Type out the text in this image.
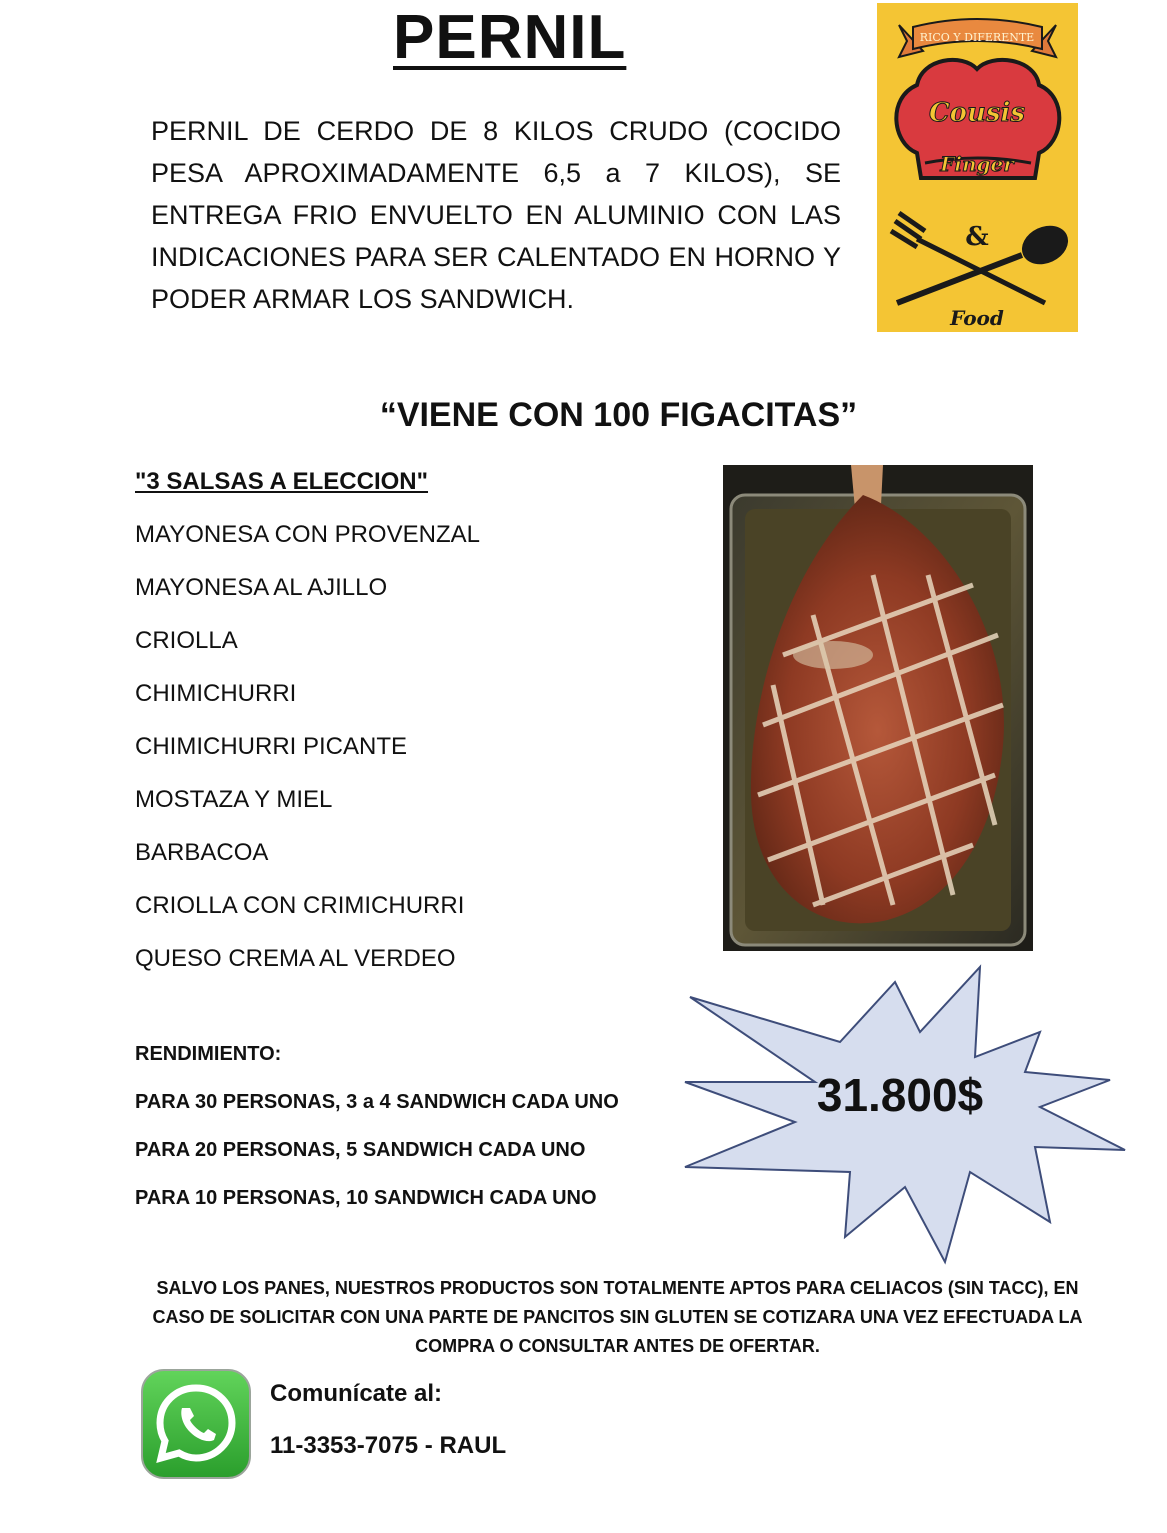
PERNIL

PERNIL DE CERDO DE 8 KILOS CRUDO (COCIDO PESA APROXIMADAMENTE 6,5 a 7 KILOS), SE ENTREGA FRIO ENVUELTO EN ALUMINIO CON LAS INDICACIONES PARA SER CALENTADO EN HORNO Y PODER ARMAR LOS SANDWICH.

RICO Y DIFERENTE
Cousis
Finger
&
Food
“VIENE CON 100 FIGACITAS”

"3 SALSAS A ELECCION"

MAYONESA CON PROVENZAL
MAYONESA AL AJILLO
CRIOLLA
CHIMICHURRI
CHIMICHURRI PICANTE
MOSTAZA Y MIEL
BARBACOA
CRIOLLA CON CRIMICHURRI
QUESO CREMA AL VERDEO
RENDIMIENTO:
PARA 30 PERSONAS, 3 a 4 SANDWICH CADA UNO
PARA 20 PERSONAS, 5 SANDWICH CADA UNO
PARA 10 PERSONAS, 10 SANDWICH CADA UNO

31.800$

SALVO LOS PANES, NUESTROS PRODUCTOS SON TOTALMENTE APTOS PARA CELIACOS (SIN TACC), EN CASO DE SOLICITAR CON UNA PARTE DE PANCITOS SIN GLUTEN SE COTIZARA UNA VEZ EFECTUADA LA COMPRA O CONSULTAR ANTES DE OFERTAR.

Comunícate al:

11-3353-7075 - RAUL
